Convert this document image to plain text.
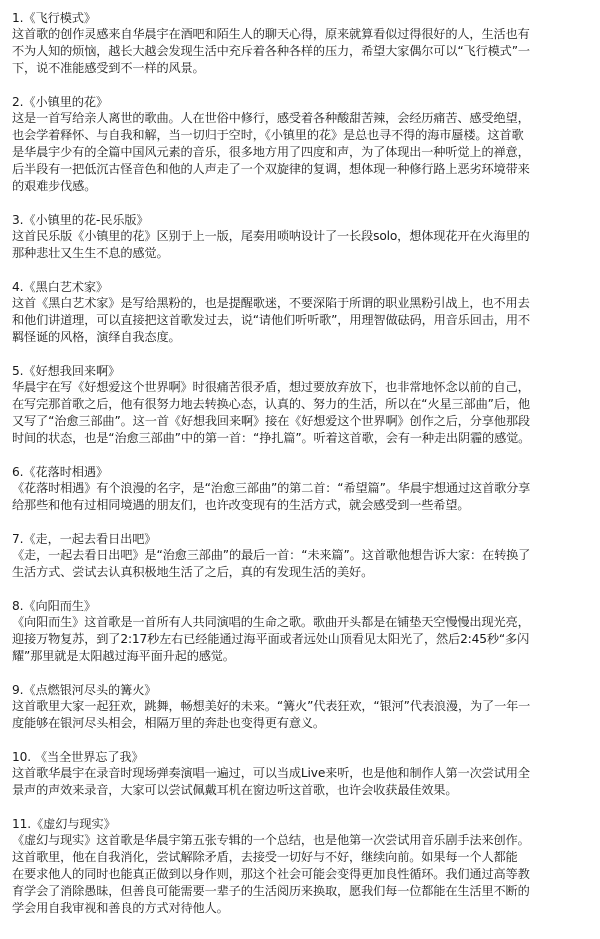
1.《飞行模式》
这首歌的创作灵感来自华晨宇在酒吧和陌生人的聊天心得，原来就算看似过得很好的人，生活也有
不为人知的烦恼，越长大越会发现生活中充斥着各种各样的压力，希望大家偶尔可以“飞行模式”一
下，说不准能感受到不一样的风景。
2.《小镇里的花》
这是一首写给亲人离世的歌曲。人在世俗中修行，感受着各种酸甜苦辣，会经历痛苦、感受绝望，
也会学着释怀、与自我和解，当一切归于空时，《小镇里的花》是总也寻不得的海市蜃楼。这首歌
是华晨宇少有的全篇中国风元素的音乐，很多地方用了四度和声，为了体现出一种听觉上的禅意，
后半段有一把低沉古怪音色和他的人声走了一个双旋律的复调，想体现一种修行路上恶劣环境带来
的艰难步伐感。
3.《小镇里的花-民乐版》
这首民乐版《小镇里的花》区别于上一版，尾奏用唢呐设计了一长段solo，想体现花开在火海里的
那种悲壮又生生不息的感觉。
4.《黑白艺术家》
这首《黑白艺术家》是写给黑粉的，也是提醒歌迷，不要深陷于所谓的职业黑粉引战上，也不用去
和他们讲道理，可以直接把这首歌发过去，说“请他们听听歌”，用理智做砝码，用音乐回击，用不
羁怪诞的风格，演绎自我态度。
5.《好想我回来啊》
华晨宇在写《好想爱这个世界啊》时很痛苦很矛盾，想过要放弃放下，也非常地怀念以前的自己，
在写完那首歌之后，他有很努力地去转换心态，认真的、努力的生活，所以在“火星三部曲”后，他
又写了“治愈三部曲”。这一首《好想我回来啊》接在《好想爱这个世界啊》创作之后，分享他那段
时间的状态，也是“治愈三部曲”中的第一首：“挣扎篇”。听着这首歌，会有一种走出阴霾的感觉。
6.《花落时相遇》
《花落时相遇》有个浪漫的名字，是“治愈三部曲”的第二首：“希望篇”。华晨宇想通过这首歌分享
给那些和他有过相同境遇的朋友们，也许改变现有的生活方式，就会感受到一些希望。
7.《走，一起去看日出吧》
《走，一起去看日出吧》是“治愈三部曲”的最后一首：“未来篇”。这首歌他想告诉大家：在转换了
生活方式、尝试去认真积极地生活了之后，真的有发现生活的美好。
8.《向阳而生》
《向阳而生》这首歌是一首所有人共同演唱的生命之歌。歌曲开头都是在铺垫天空慢慢出现光亮，
迎接万物复苏，到了2:17秒左右已经能通过海平面或者远处山顶看见太阳光了，然后2:45秒“多闪
耀”那里就是太阳越过海平面升起的感觉。
9.《点燃银河尽头的篝火》
这首歌里大家一起狂欢，跳舞，畅想美好的未来。“篝火”代表狂欢，“银河”代表浪漫，为了一年一
度能够在银河尽头相会，相隔万里的奔赴也变得更有意义。
10. 《当全世界忘了我》
这首歌华晨宇在录音时现场弹奏演唱一遍过，可以当成Live来听，也是他和制作人第一次尝试用全
景声的声效来录音，大家可以尝试佩戴耳机在窗边听这首歌，也许会收获最佳效果。
11.《虚幻与现实》
《虚幻与现实》这首歌是华晨宇第五张专辑的一个总结，也是他第一次尝试用音乐剧手法来创作。
这首歌里，他在自我消化，尝试解除矛盾，去接受一切好与不好，继续向前。如果每一个人都能
在要求他人的同时也能真正做到以身作则，那这个社会可能会变得更加良性循环。我们通过高等教
育学会了消除愚昧，但善良可能需要一辈子的生活阅历来换取，愿我们每一位都能在生活里不断的
学会用自我审视和善良的方式对待他人。
